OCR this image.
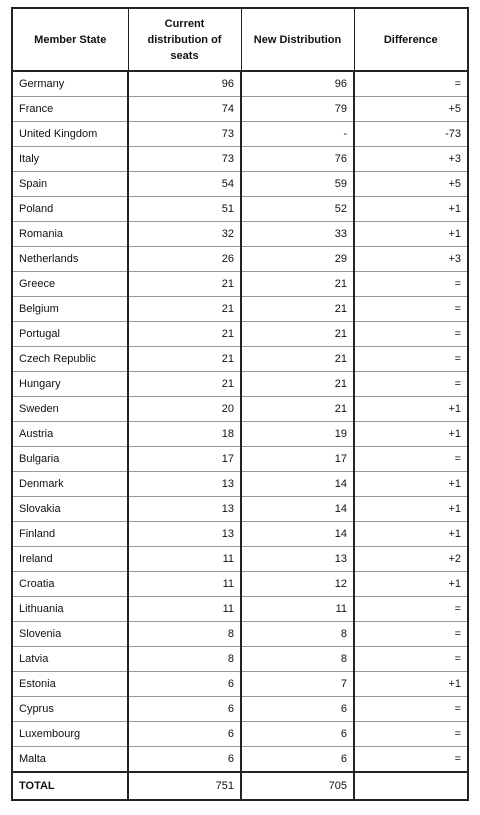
Member State	Current distribution of seats	New Distribution	Difference
Germany	96	96	=
France	74	79	+5
United Kingdom	73	-	-73
Italy	73	76	+3
Spain	54	59	+5
Poland	51	52	+1
Romania	32	33	+1
Netherlands	26	29	+3
Greece	21	21	=
Belgium	21	21	=
Portugal	21	21	=
Czech Republic	21	21	=
Hungary	21	21	=
Sweden	20	21	+1
Austria	18	19	+1
Bulgaria	17	17	=
Denmark	13	14	+1
Slovakia	13	14	+1
Finland	13	14	+1
Ireland	11	13	+2
Croatia	11	12	+1
Lithuania	11	11	=
Slovenia	8	8	=
Latvia	8	8	=
Estonia	6	7	+1
Cyprus	6	6	=
Luxembourg	6	6	=
Malta	6	6	=
TOTAL	751	705	
